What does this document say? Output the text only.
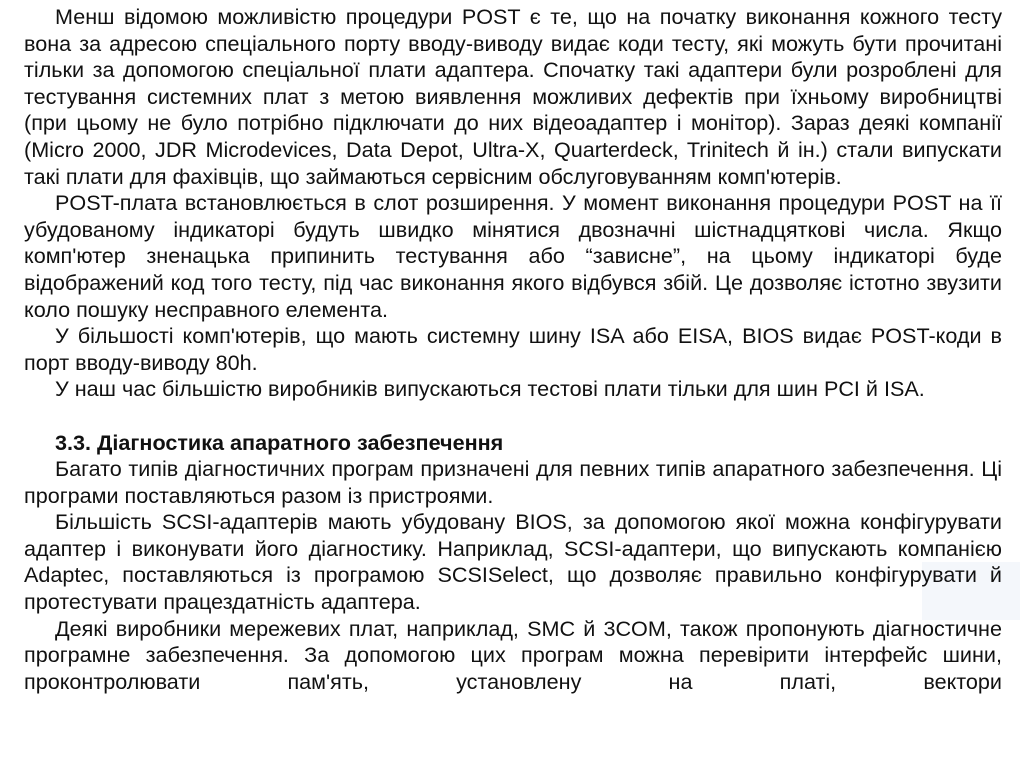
Менш відомою можливістю процедури POST є те, що на початку виконання кожного тесту вона за адресою спеціального порту вводу-виводу видає коди тесту, які можуть бути прочитані тільки за допомогою спеціальної плати адаптера. Спочатку такі адаптери були розроблені для тестування системних плат з метою виявлення можливих дефектів при їхньому виробництві (при цьому не було потрібно підключати до них відеоадаптер і монітор). Зараз деякі компанії (Micro 2000, JDR Microdevices, Data Depot, Ultra-X, Quarterdeck, Trinitech й ін.) стали випускати такі плати для фахівців, що займаються сервісним обслуговуванням комп'ютерів.

POST-плата встановлюється в слот розширення. У момент виконання процедури POST на її убудованому індикаторі будуть швидко мінятися двозначні шістнадцяткові числа. Якщо комп'ютер зненацька припинить тестування або “зависне”, на цьому індикаторі буде відображений код того тесту, під час виконання якого відбувся збій. Це дозволяє істотно звузити коло пошуку несправного елемента.

У більшості комп'ютерів, що мають системну шину ISA або EISA, BIOS видає POST-коди в порт вводу-виводу 80h.

У наш час більшістю виробників випускаються тестові плати тільки для шин PCI й ISA.

3.3. Діагностика апаратного забезпечення

Багато типів діагностичних програм призначені для певних типів апаратного забезпечення. Ці програми поставляються разом із пристроями.

Більшість SCSI-адаптерів мають убудовану BIOS, за допомогою якої можна конфігурувати адаптер і виконувати його діагностику. Наприклад, SCSI-адаптери, що випускають компанією Adaptec, поставляються із програмою SCSISelect, що дозволяє правильно конфігурувати й протестувати працездатність адаптера.

Деякі виробники мережевих плат, наприклад, SMC й 3COM, також пропонують діагностичне програмне забезпечення. За допомогою цих програм можна перевірити інтерфейс шини, проконтролювати пам'ять, установлену на платі, вектори
